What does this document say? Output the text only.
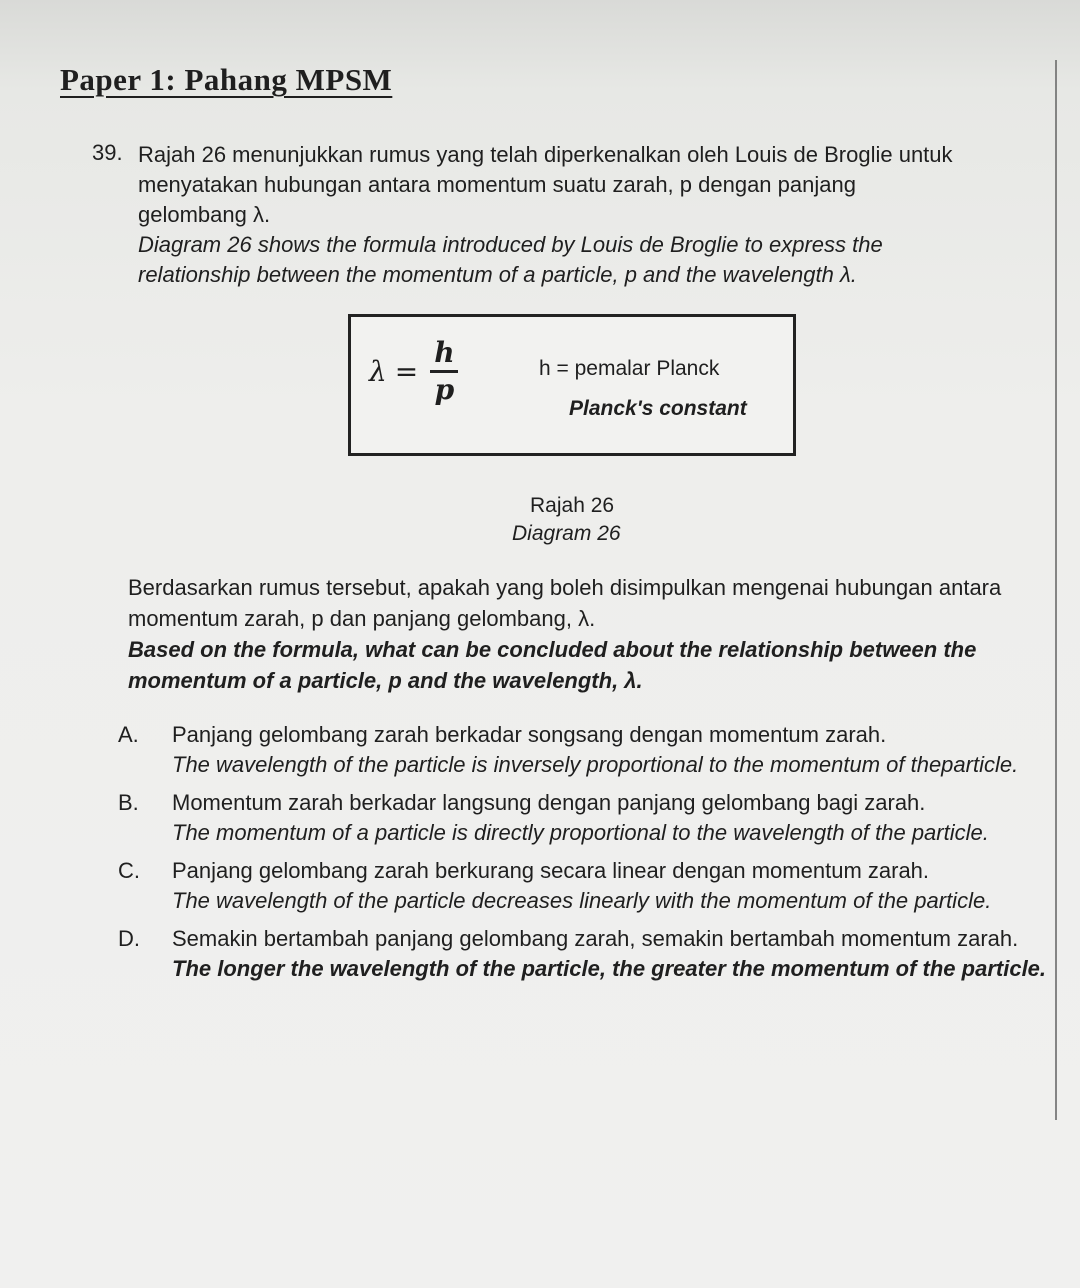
Paper 1: Pahang MPSM
39. Rajah 26 menunjukkan rumus yang telah diperkenalkan oleh Louis de Broglie untuk menyatakan hubungan antara momentum suatu zarah, p dengan panjang gelombang λ.
Diagram 26 shows the formula introduced by Louis de Broglie to express the relationship between the momentum of a particle, p and the wavelength λ.
$\lambda = \frac{h}{p}$	h = pemalar Planck
Planck's constant
Rajah 26
Diagram 26
Berdasarkan rumus tersebut, apakah yang boleh disimpulkan mengenai hubungan antara momentum zarah, p dan panjang gelombang, λ.
Based on the formula, what can be concluded about the relationship between the momentum of a particle, p and the wavelength, λ.
A. Panjang gelombang zarah berkadar songsang dengan momentum zarah.
The wavelength of the particle is inversely proportional to the momentum of theparticle.
B. Momentum zarah berkadar langsung dengan panjang gelombang bagi zarah.
The momentum of a particle is directly proportional to the wavelength of the particle.
C. Panjang gelombang zarah berkurang secara linear dengan momentum zarah.
The wavelength of the particle decreases linearly with the momentum of the particle.
D. Semakin bertambah panjang gelombang zarah, semakin bertambah momentum zarah.
The longer the wavelength of the particle, the greater the momentum of the particle.
